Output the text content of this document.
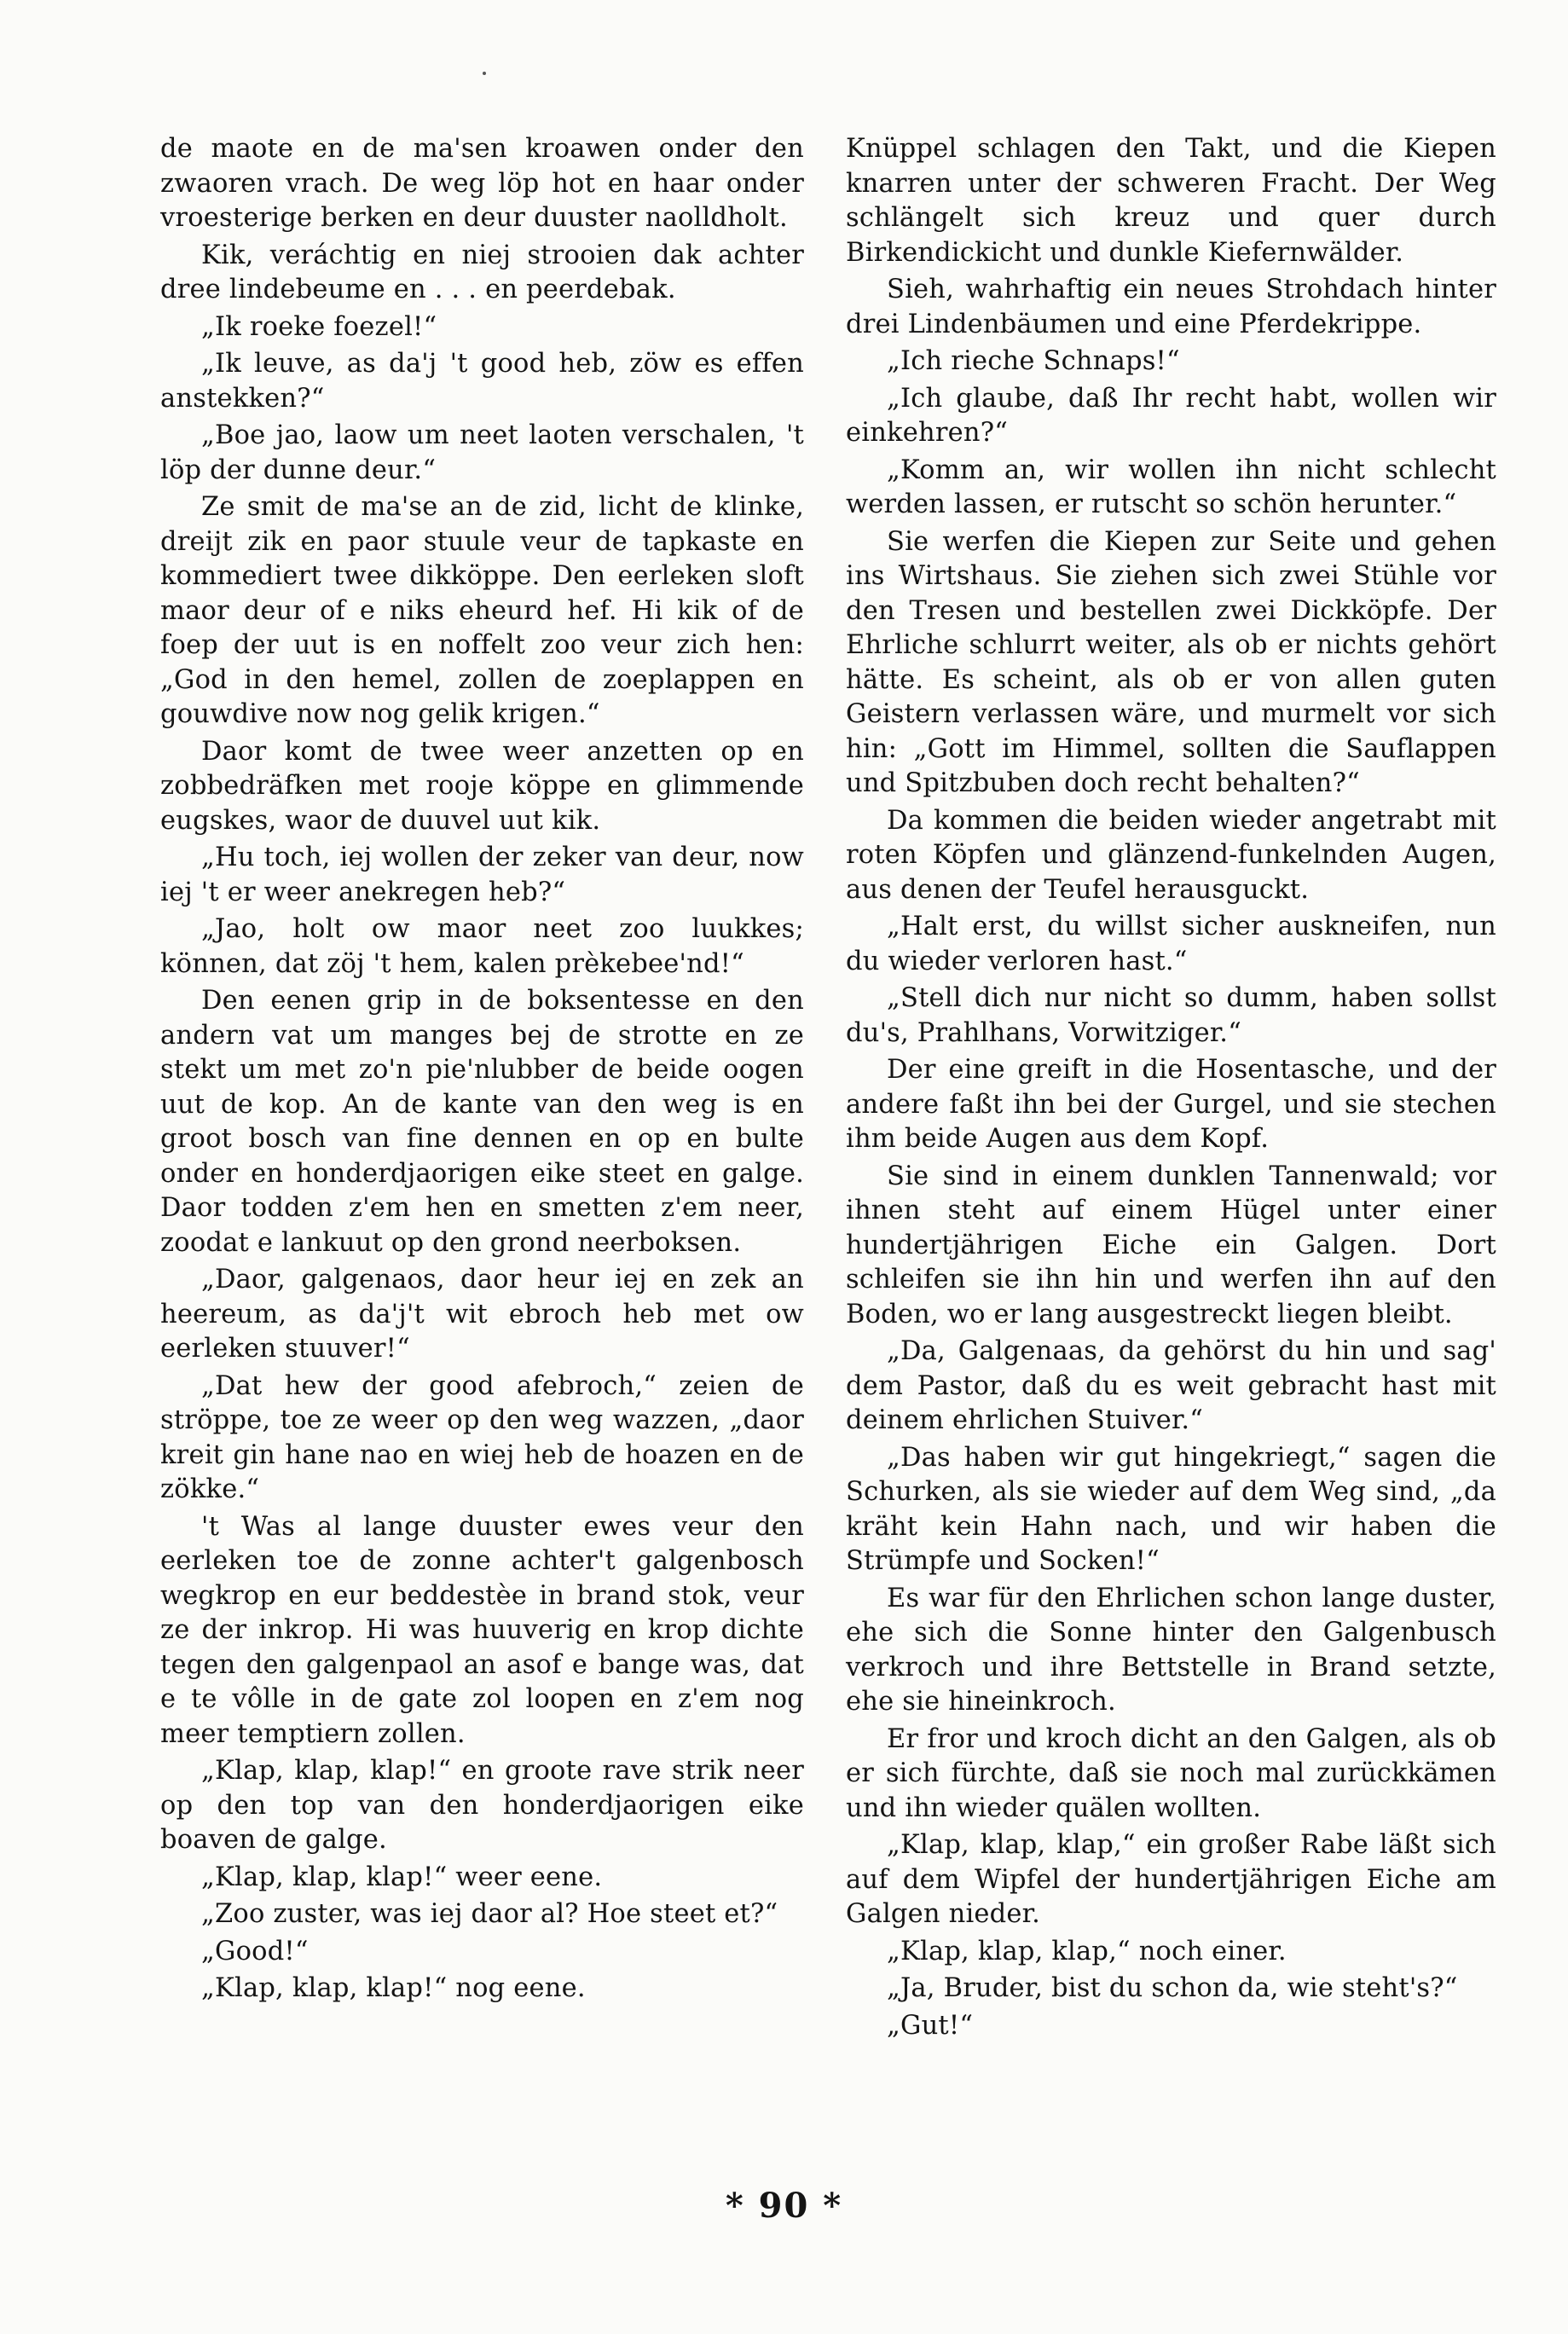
de maote en de ma'sen kroawen onder den zwaoren vrach. De weg löp hot en haar onder vroesterige berken en deur duuster naolldholt.

Kik, veráchtig en niej strooien dak achter dree lindebeume en . . . en peerdebak.

„Ik roeke foezel!“

„Ik leuve, as da'j 't good heb, zöw es effen anstekken?“

„Boe jao, laow um neet laoten verschalen, 't löp der dunne deur.“

Ze smit de ma'se an de zid, licht de klinke, dreijt zik en paor stuule veur de tapkaste en kommediert twee dikköppe. Den eerleken sloft maor deur of e niks eheurd hef. Hi kik of de foep der uut is en noffelt zoo veur zich hen: „God in den hemel, zollen de zoeplappen en gouwdive now nog gelik krigen.“

Daor komt de twee weer anzetten op en zobbedräfken met rooje köppe en glimmende eugskes, waor de duuvel uut kik.

„Hu toch, iej wollen der zeker van deur, now iej 't er weer anekregen heb?“

„Jao, holt ow maor neet zoo luukkes; können, dat zöj 't hem, kalen prèkebee'nd!“

Den eenen grip in de boksentesse en den andern vat um manges bej de strotte en ze stekt um met zo'n pie'nlubber de beide oogen uut de kop. An de kante van den weg is en groot bosch van fine dennen en op en bulte onder en honderdjaorigen eike steet en galge. Daor todden z'em hen en smetten z'em neer, zoodat e lankuut op den grond neerboksen.

„Daor, galgenaos, daor heur iej en zek an heereum, as da'j't wit ebroch heb met ow eerleken stuuver!“

„Dat hew der good afebroch,“ zeien de ströppe, toe ze weer op den weg wazzen, „daor kreit gin hane nao en wiej heb de hoazen en de zökke.“

't Was al lange duuster ewes veur den eerleken toe de zonne achter't galgenbosch wegkrop en eur beddestèe in brand stok, veur ze der inkrop. Hi was huuverig en krop dichte tegen den galgenpaol an asof e bange was, dat e te vôlle in de gate zol loopen en z'em nog meer temptiern zollen.

„Klap, klap, klap!“ en groote rave strik neer op den top van den honderdjaorigen eike boaven de galge.

„Klap, klap, klap!“ weer eene.

„Zoo zuster, was iej daor al? Hoe steet et?“

„Good!“

„Klap, klap, klap!“ nog eene.

Knüppel schlagen den Takt, und die Kiepen knarren unter der schweren Fracht. Der Weg schlängelt sich kreuz und quer durch Birkendickicht und dunkle Kiefernwälder.

Sieh, wahrhaftig ein neues Strohdach hinter drei Lindenbäumen und eine Pferdekrippe.

„Ich rieche Schnaps!“

„Ich glaube, daß Ihr recht habt, wollen wir einkehren?“

„Komm an, wir wollen ihn nicht schlecht werden lassen, er rutscht so schön herunter.“

Sie werfen die Kiepen zur Seite und gehen ins Wirtshaus. Sie ziehen sich zwei Stühle vor den Tresen und bestellen zwei Dickköpfe. Der Ehrliche schlurrt weiter, als ob er nichts gehört hätte. Es scheint, als ob er von allen guten Geistern verlassen wäre, und murmelt vor sich hin: „Gott im Himmel, sollten die Sauflappen und Spitzbuben doch recht behalten?“

Da kommen die beiden wieder angetrabt mit roten Köpfen und glänzend-funkelnden Augen, aus denen der Teufel herausguckt.

„Halt erst, du willst sicher auskneifen, nun du wieder verloren hast.“

„Stell dich nur nicht so dumm, haben sollst du's, Prahlhans, Vorwitziger.“

Der eine greift in die Hosentasche, und der andere faßt ihn bei der Gurgel, und sie stechen ihm beide Augen aus dem Kopf.

Sie sind in einem dunklen Tannenwald; vor ihnen steht auf einem Hügel unter einer hundertjährigen Eiche ein Galgen. Dort schleifen sie ihn hin und werfen ihn auf den Boden, wo er lang ausgestreckt liegen bleibt.

„Da, Galgenaas, da gehörst du hin und sag' dem Pastor, daß du es weit gebracht hast mit deinem ehrlichen Stuiver.“

„Das haben wir gut hingekriegt,“ sagen die Schurken, als sie wieder auf dem Weg sind, „da kräht kein Hahn nach, und wir haben die Strümpfe und Socken!“

Es war für den Ehrlichen schon lange duster, ehe sich die Sonne hinter den Galgenbusch verkroch und ihre Bettstelle in Brand setzte, ehe sie hineinkroch.

Er fror und kroch dicht an den Galgen, als ob er sich fürchte, daß sie noch mal zurückkämen und ihn wieder quälen wollten.

„Klap, klap, klap,“ ein großer Rabe läßt sich auf dem Wipfel der hundertjährigen Eiche am Galgen nieder.

„Klap, klap, klap,“ noch einer.

„Ja, Bruder, bist du schon da, wie steht's?“

„Gut!“

* 90 *
